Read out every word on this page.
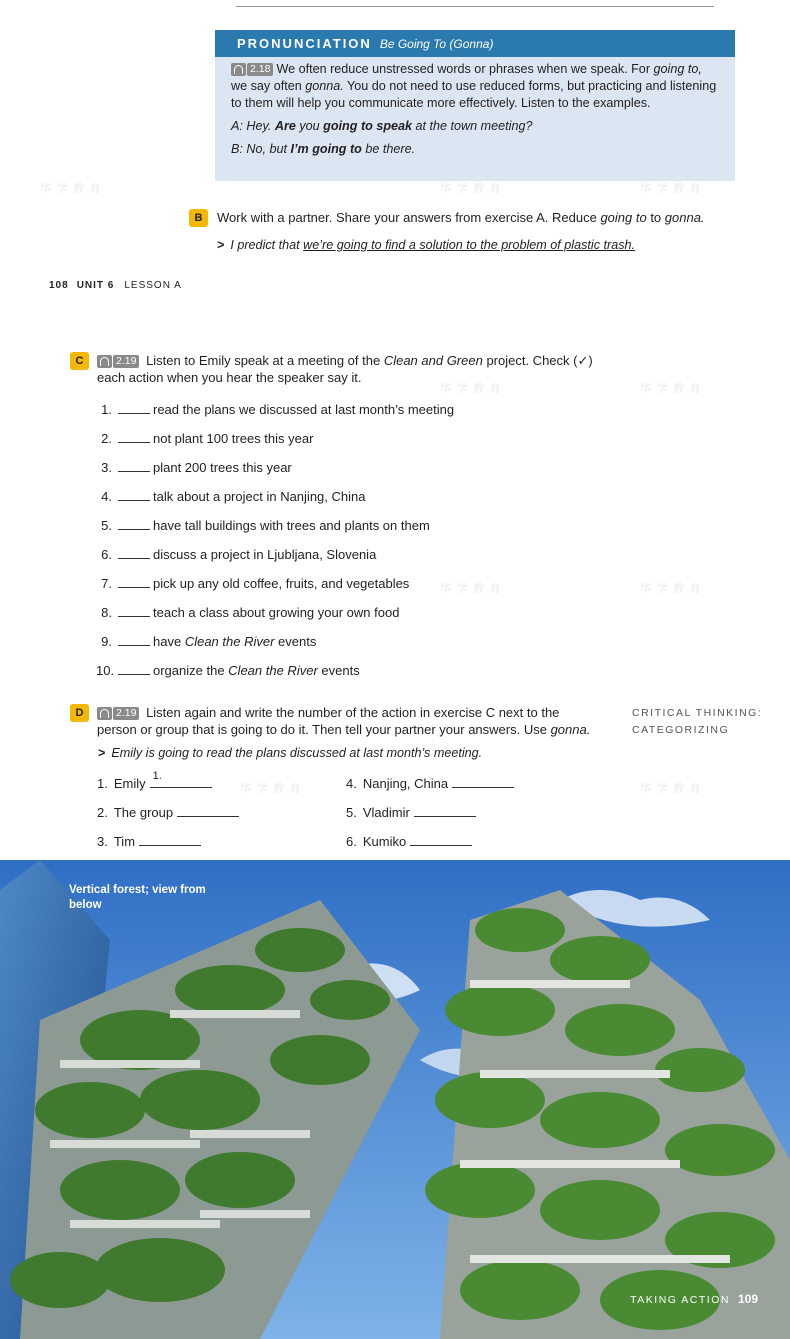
华 学 教 育	华 学 教 育	华 学 教 育
华 学 教 育	华 学 教 育
华 学 教 育	华 学 教 育
华 学 教 育	华 学 教 育
PRONUNCIATION Be Going To (Gonna)

2.18 We often reduce unstressed words or phrases when we speak. For going to, we say often gonna. You do not need to use reduced forms, but practicing and listening to them will help you communicate more effectively. Listen to the examples.

A: Hey. Are you going to speak at the town meeting?

B: No, but I’m going to be there.

B	Work with a partner. Share your answers from exercise A. Reduce going to to gonna.
> I predict that we’re going to find a solution to the problem of plastic trash.
108 UNIT 6 LESSON A
C	2.19 Listen to Emily speak at a meeting of the Clean and Green project. Check (✓)
each action when you hear the speaker say it.
1.	read the plans we discussed at last month’s meeting
2.	not plant 100 trees this year
3.	plant 200 trees this year
4.	talk about a project in Nanjing, China
5.	have tall buildings with trees and plants on them
6.	discuss a project in Ljubljana, Slovenia
7.	pick up any old coffee, fruits, and vegetables
8.	teach a class about growing your own food
9.	have Clean the River events
10.	organize the Clean the River events
D	2.19 Listen again and write the number of the action in exercise C next to the
person or group that is going to do it. Then tell your partner your answers. Use gonna.
CRITICAL THINKING:
CATEGORIZING
> Emily is going to read the plans discussed at last month’s meeting.
1. Emily 1.
2. The group
3. Tim
4. Nanjing, China
5. Vladimir
6. Kumiko
Vertical forest; view from below
TAKING ACTION 109
